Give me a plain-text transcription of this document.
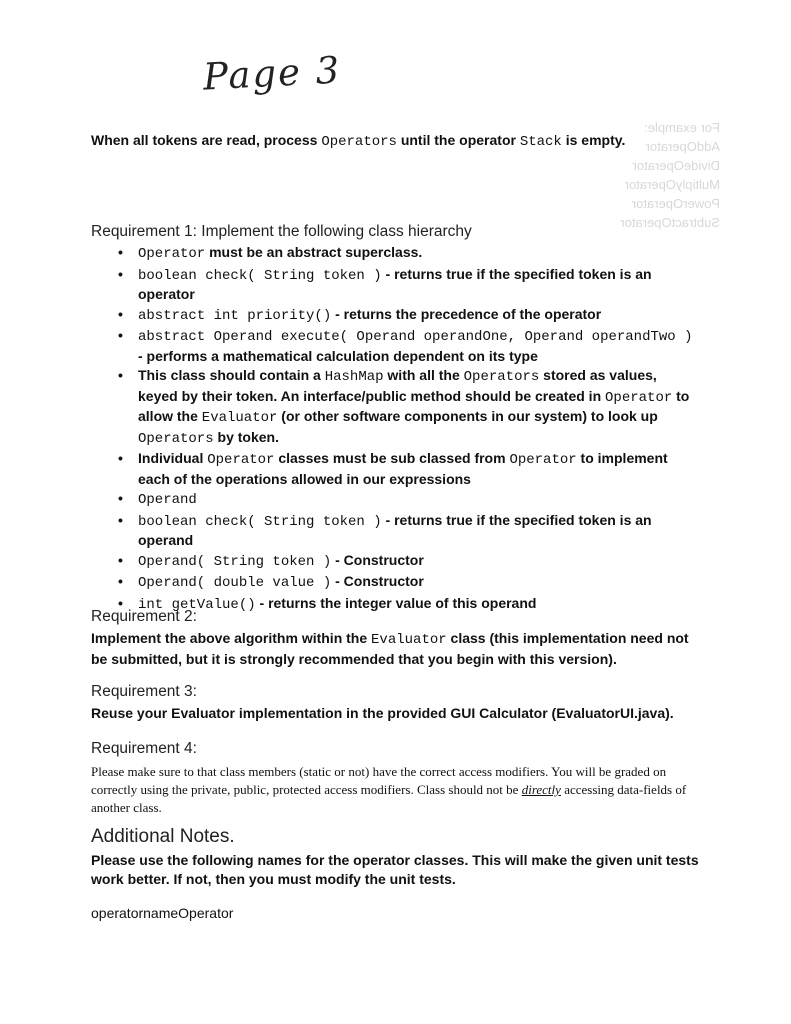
Page 3
For example:
AddOperator
DivideOperator
MultiplyOperator
PowerOperator
SubtractOperator
When all tokens are read, process Operators until the operator Stack is empty.
Requirement 1: Implement the following class hierarchy
• Operator must be an abstract superclass.
• boolean check( String token ) - returns true if the specified token is an operator
• abstract int priority() - returns the precedence of the operator
• abstract Operand execute( Operand operandOne, Operand operandTwo ) - performs a mathematical calculation dependent on its type
• This class should contain a HashMap with all the Operators stored as values, keyed by their token. An interface/public method should be created in Operator to allow the Evaluator (or other software components in our system) to look up Operators by token.
• Individual Operator classes must be sub classed from Operator to implement each of the operations allowed in our expressions
• Operand
• boolean check( String token ) - returns true if the specified token is an operand
• Operand( String token ) - Constructor
• Operand( double value ) - Constructor
• int getValue() - returns the integer value of this operand
Requirement 2:
Implement the above algorithm within the Evaluator class (this implementation need not be submitted, but it is strongly recommended that you begin with this version).
Requirement 3:
Reuse your Evaluator implementation in the provided GUI Calculator (EvaluatorUI.java).
Requirement 4:
Please make sure to that class members (static or not) have the correct access modifiers. You will be graded on correctly using the private, public, protected access modifiers. Class should not be directly accessing data-fields of another class.
Additional Notes.
Please use the following names for the operator classes. This will make the given unit tests work better. If not, then you must modify the unit tests.
operatornameOperator
